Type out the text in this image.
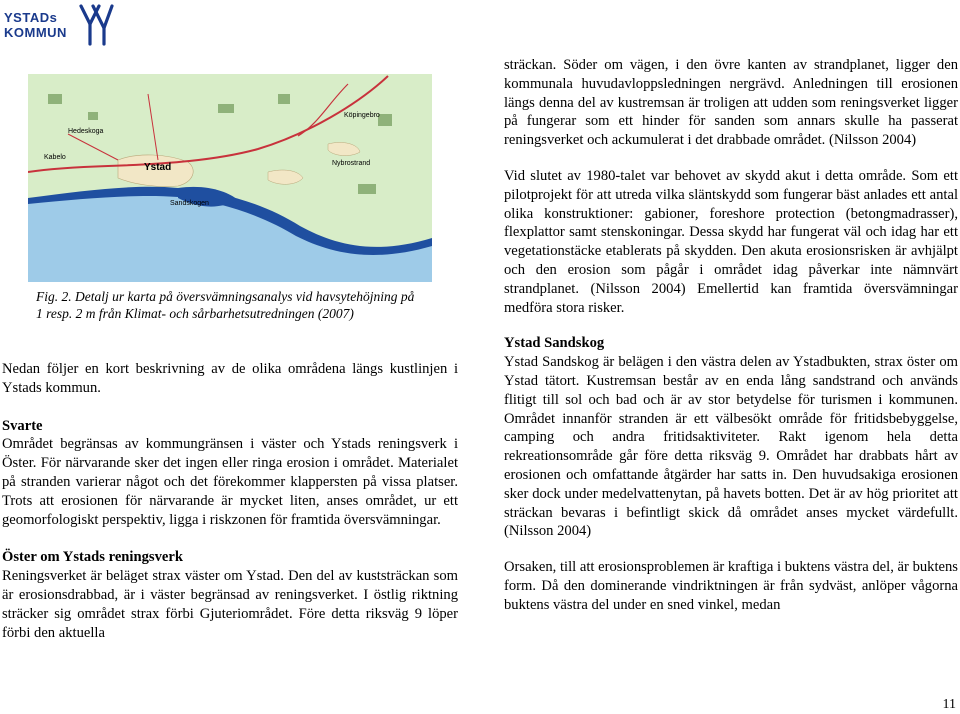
YSTADs
KOMMUN
Hedeskoga
Köpingebro
Kabelo
Ystad	Nybrostrand
Sandskogen
Fig. 2. Detalj ur karta på översvämningsanalys vid havsytehöjning på
1 resp. 2 m från Klimat- och sårbarhetsutredningen (2007)

Nedan följer en kort beskrivning av de olika områdena längs kustlinjen i Ystads kommun.

Svarte

Området begränsas av kommungränsen i väster och Ystads reningsverk i Öster. För närvarande sker det ingen eller ringa erosion i området. Materialet på stranden varierar något och det förekommer klappersten på vissa platser. Trots att erosionen för närvarande är mycket liten, anses området, ur ett geomorfologiskt perspektiv, ligga i riskzonen för framtida översvämningar.

Öster om Ystads reningsverk

Reningsverket är beläget strax väster om Ystad. Den del av kuststräckan som är erosionsdrabbad, är i väster begränsad av reningsverket. I östlig riktning sträcker sig området strax förbi Gjuteriområdet. Före detta riksväg 9 löper förbi den aktuella

sträckan. Söder om vägen, i den övre kanten av strandplanet, ligger den kommunala huvudavloppsledningen nergrävd. Anledningen till erosionen längs denna del av kustremsan är troligen att udden som reningsverket ligger på fungerar som ett hinder för sanden som annars skulle ha passerat reningsverket och ackumulerat i det drabbade området. (Nilsson 2004)

Vid slutet av 1980-talet var behovet av skydd akut i detta område. Som ett pilotprojekt för att utreda vilka släntskydd som fungerar bäst anlades ett antal olika konstruktioner: gabioner, foreshore protection (betongmadrasser), flexplattor samt stenskoningar. Dessa skydd har fungerat väl och idag har ett vegetationstäcke etablerats på skydden. Den akuta erosionsrisken är avhjälpt och den erosion som pågår i området idag påverkar inte nämnvärt strandplanet. (Nilsson 2004) Emellertid kan framtida översvämningar medföra stora risker.

Ystad Sandskog

Ystad Sandskog är belägen i den västra delen av Ystadbukten, strax öster om Ystad tätort. Kustremsan består av en enda lång sandstrand och används flitigt till sol och bad och är av stor betydelse för turismen i kommunen. Området innanför stranden är ett välbesökt område för fritidsbebyggelse, camping och andra fritidsaktiviteter. Rakt igenom hela detta rekreationsområde går före detta riksväg 9. Området har drabbats hårt av erosionen och omfattande åtgärder har satts in. Den huvudsakiga erosionen sker dock under medelvattenytan, på havets botten. Det är av hög prioritet att sträckan bevaras i befintligt skick då området anses mycket värdefullt. (Nilsson 2004)

Orsaken, till att erosionsproblemen är kraftiga i buktens västra del, är buktens form. Då den dominerande vindriktningen är från sydväst, anlöper vågorna buktens västra del under en sned vinkel, medan

11
